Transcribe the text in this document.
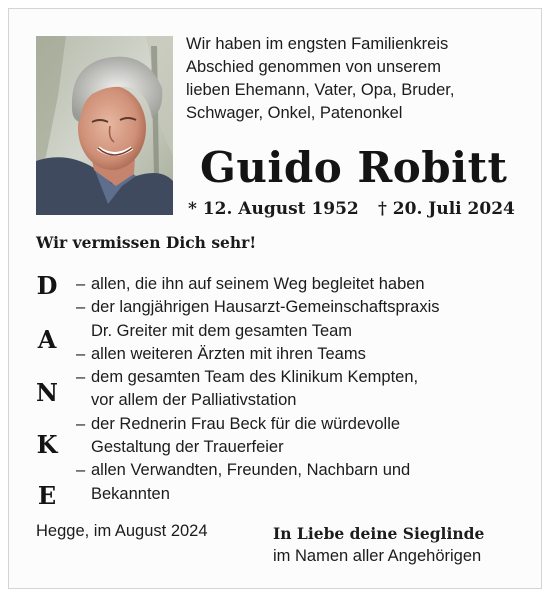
Wir haben im engsten Familienkreis
Abschied genommen von unserem
lieben Ehemann, Vater, Opa, Bruder,
Schwager, Onkel, Patenonkel
Guido Robitt
* 12. August 1952 † 20. Juli 2024
Wir vermissen Dich sehr!
D
A
N
K
E
– allen, die ihn auf seinem Weg begleitet haben
– der langjährigen Hausarzt-Gemeinschaftspraxis
Dr. Greiter mit dem gesamten Team
– allen weiteren Ärzten mit ihren Teams
– dem gesamten Team des Klinikum Kempten,
vor allem der Palliativstation
– der Rednerin Frau Beck für die würdevolle
Gestaltung der Trauerfeier
– allen Verwandten, Freunden, Nachbarn und
Bekannten
Hegge, im August 2024	In Liebe deine Sieglinde
im Namen aller Angehörigen
